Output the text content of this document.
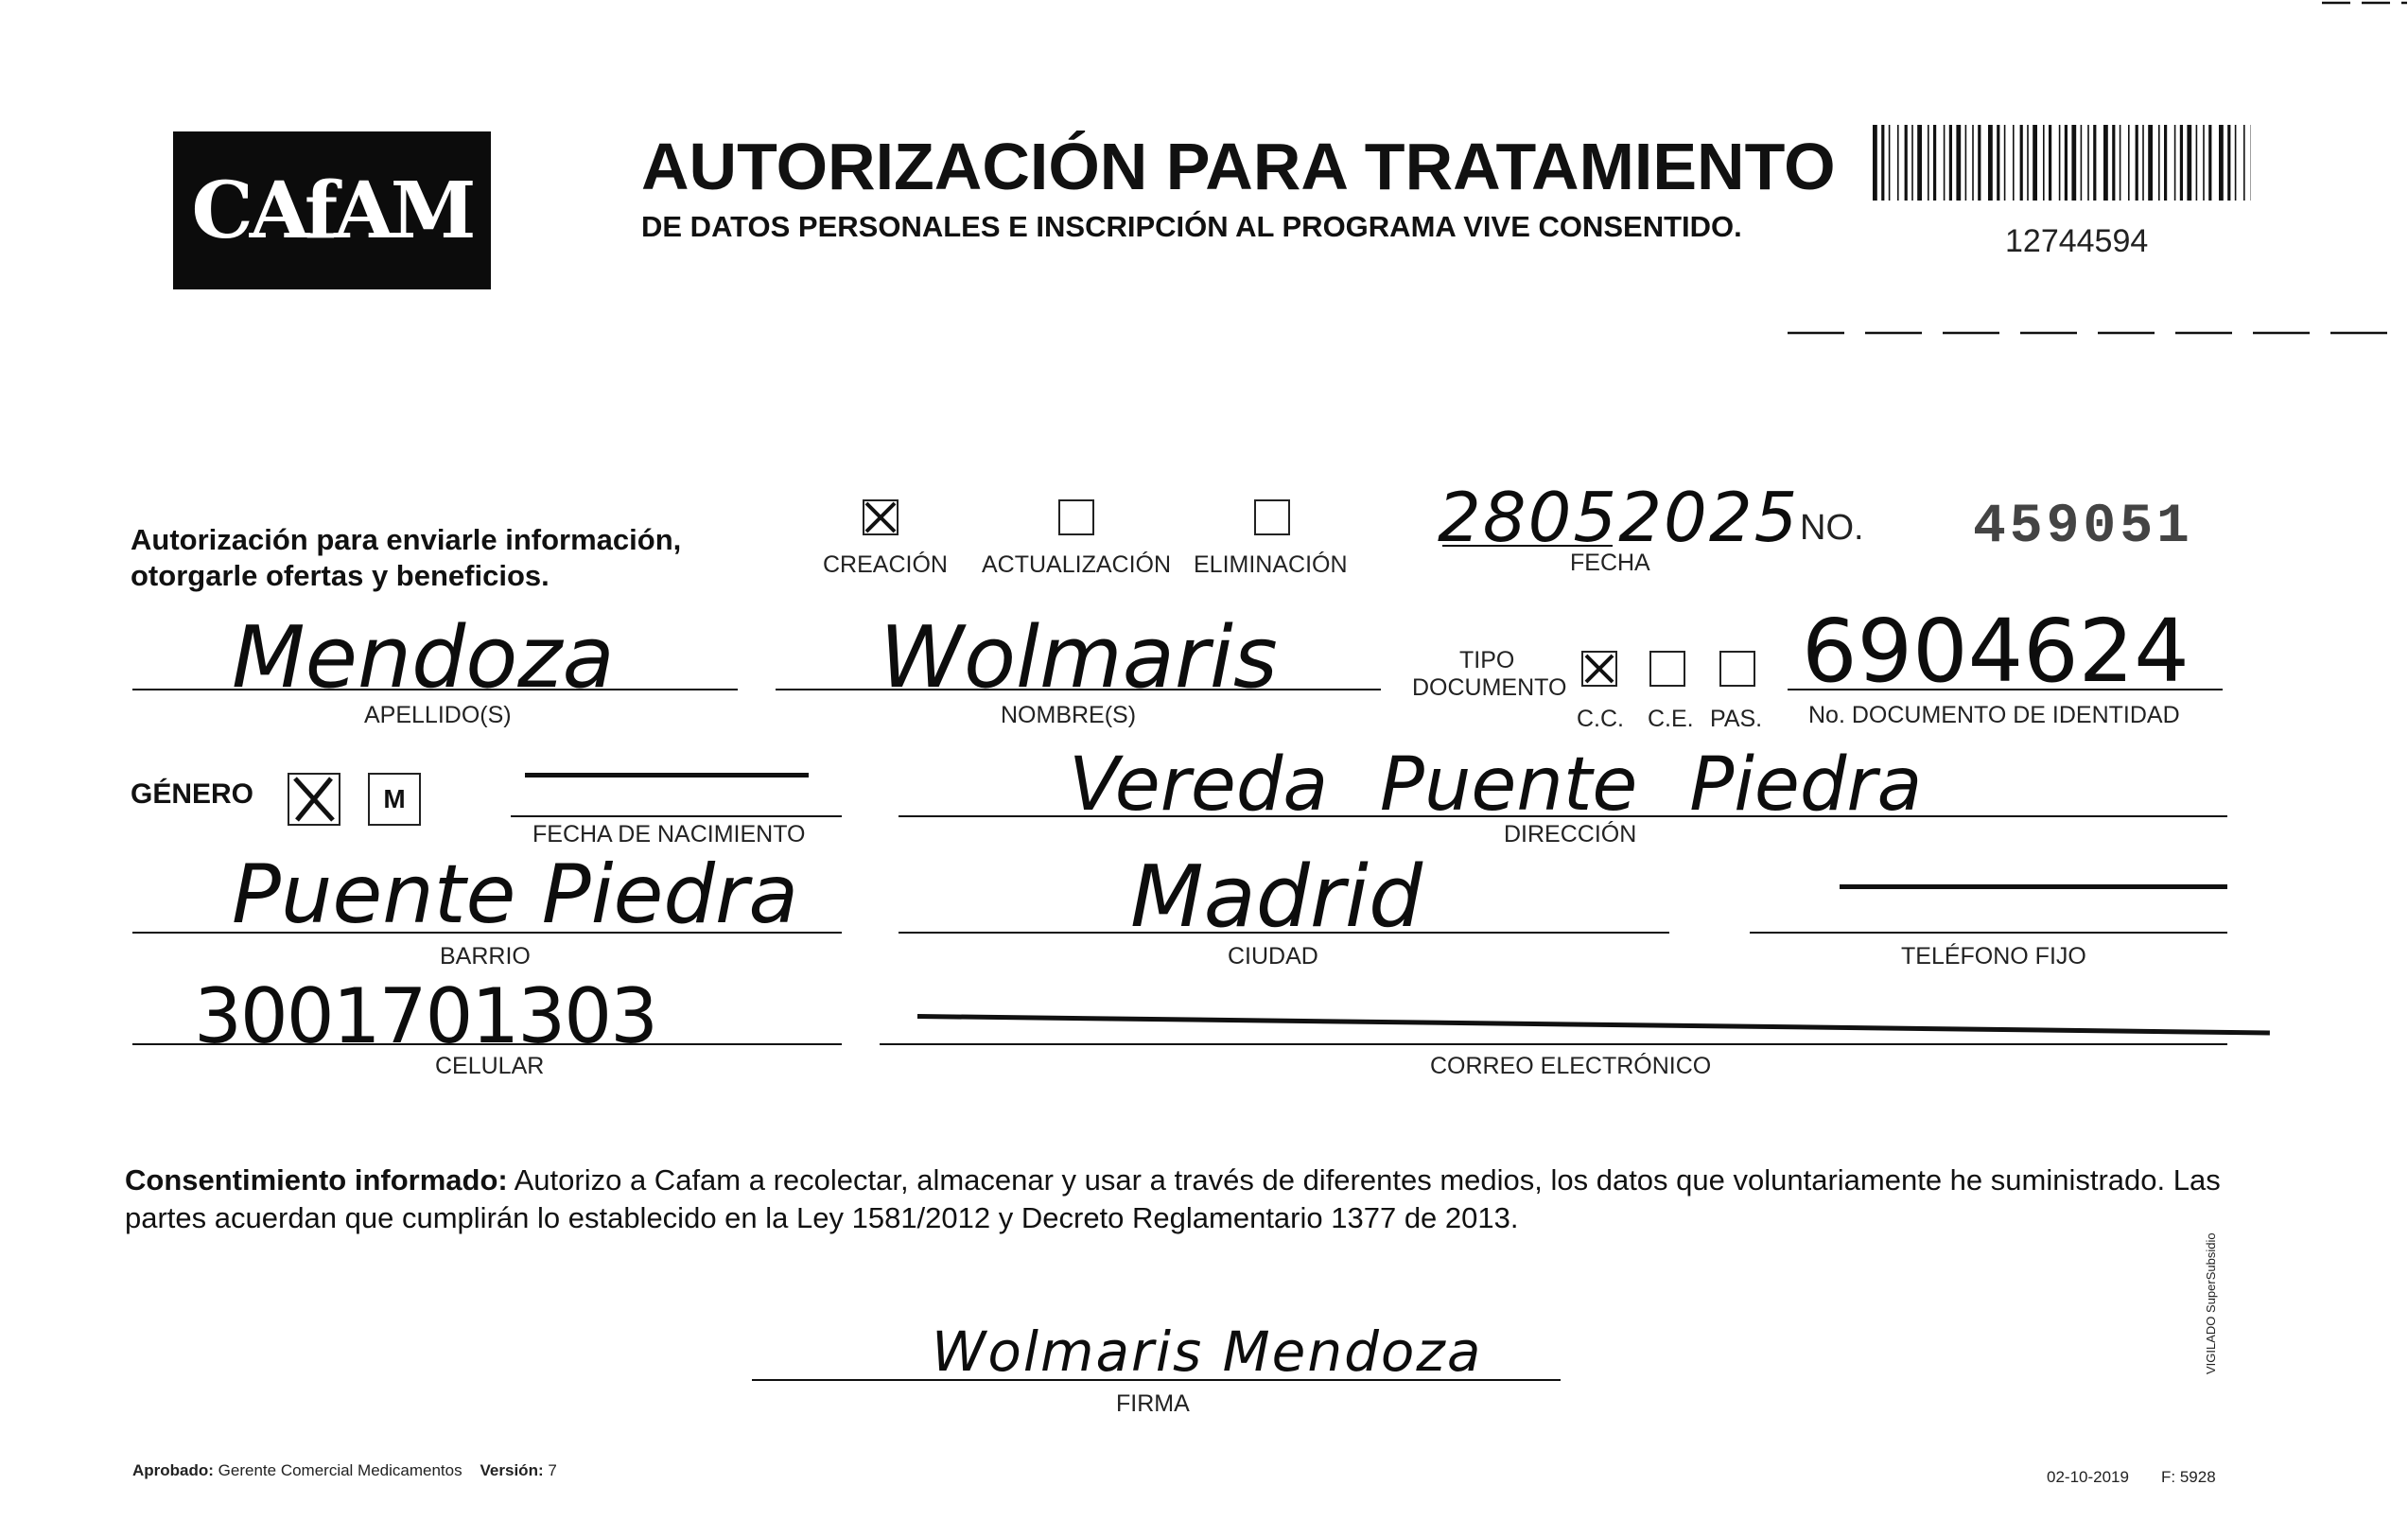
CAfAM	AUTORIZACIÓN PARA TRATAMIENTO
DE DATOS PERSONALES E INSCRIPCIÓN AL PROGRAMA VIVE CONSENTIDO.	12744594
Autorización para enviarle información,
otorgarle ofertas y beneficios.	CREACIÓN ACTUALIZACIÓN ELIMINACIÓN
28052025
FECHA
NO. 459051
Mendoza
APELLIDO(S)
Wolmaris
NOMBRE(S)
TIPO
DOCUMENTO
C.C. C.E. PAS.
6904624
No. DOCUMENTO DE IDENTIDAD
GÉNERO	M
FECHA DE NACIMIENTO
Vereda Puente Piedra
DIRECCIÓN
Puente Piedra
BARRIO
Madrid
CIUDAD	TELÉFONO FIJO
3001701303
CELULAR	CORREO ELECTRÓNICO
Consentimiento informado: Autorizo a Cafam a recolectar, almacenar y usar a través de diferentes medios, los datos que voluntariamente he suministrado. Las partes acuerdan que cumplirán lo establecido en la Ley 1581/2012 y Decreto Reglamentario 1377 de 2013.
Wolmaris Mendoza
FIRMA
Aprobado: Gerente Comercial Medicamentos Versión: 7	02-10-2019 F: 5928
VIGILADO SuperSubsidio
